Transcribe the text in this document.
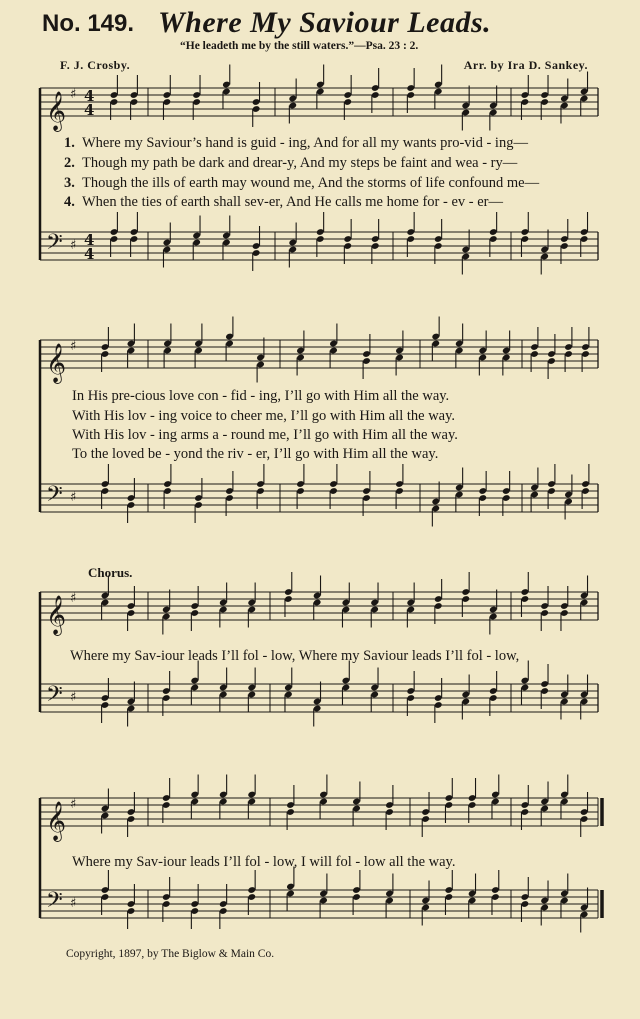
No. 149. Where My Saviour Leads.
“He leadeth me by the still waters.”—Psa. 23 : 2.
F. J. Crosby.	Arr. by Ira D. Sankey.
𝄞
𝄢
♯
♯
4
4
4
4
𝄞
𝄢
♯
♯
𝄞
𝄢
♯
♯
𝄞
𝄢
♯
♯
1. Where my Saviour’s hand is guid - ing, And for all my wants pro-vid - ing—
2. Though my path be dark and drear-y, And my steps be faint and wea - ry—
3. Though the ills of earth may wound me, And the storms of life confound me—
4. When the ties of earth shall sev-er, And He calls me home for - ev - er—
In His pre-cious love con - fid - ing, I’ll go with Him all the way.
With His lov - ing voice to cheer me, I’ll go with Him all the way.
With His lov - ing arms a - round me, I’ll go with Him all the way.
To the loved be - yond the riv - er, I’ll go with Him all the way.
Chorus.
Where my Sav-iour leads I’ll fol - low, Where my Saviour leads I’ll fol - low,
Where my Sav-iour leads I’ll fol - low, I will fol - low all the way.
Copyright, 1897, by The Biglow & Main Co.
